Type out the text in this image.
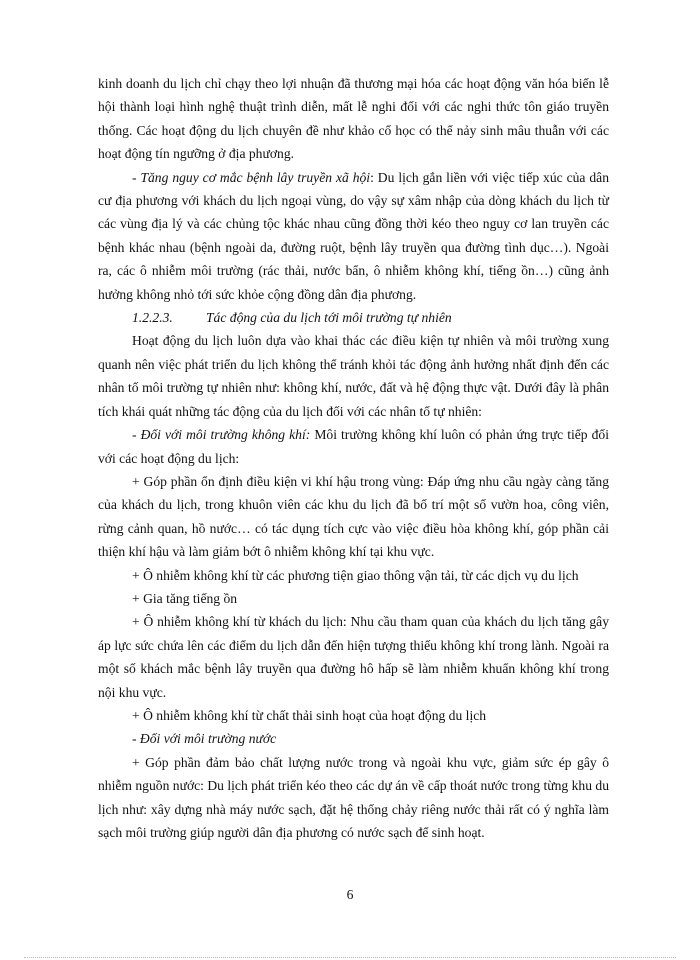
kinh doanh du lịch chỉ chạy theo lợi nhuận đã thương mại hóa các hoạt động văn hóa biến lễ hội thành loại hình nghệ thuật trình diễn, mất lễ nghi đối với các nghi thức tôn giáo truyền thống. Các hoạt động du lịch chuyên đề như khảo cổ học có thể nảy sinh mâu thuẫn với các hoạt động tín ngưỡng ở địa phương.

- Tăng nguy cơ mắc bệnh lây truyền xã hội: Du lịch gắn liền với việc tiếp xúc của dân cư địa phương với khách du lịch ngoại vùng, do vậy sự xâm nhập của dòng khách du lịch từ các vùng địa lý và các chủng tộc khác nhau cũng đồng thời kéo theo nguy cơ lan truyền các bệnh khác nhau (bệnh ngoài da, đường ruột, bệnh lây truyền qua đường tình dục…). Ngoài ra, các ô nhiễm môi trường (rác thải, nước bẩn, ô nhiễm không khí, tiếng ồn…) cũng ảnh hưởng không nhỏ tới sức khỏe cộng đồng dân địa phương.

1.2.2.3.	Tác động của du lịch tới môi trường tự nhiên

Hoạt động du lịch luôn dựa vào khai thác các điều kiện tự nhiên và môi trường xung quanh nên việc phát triển du lịch không thể tránh khỏi tác động ảnh hưởng nhất định đến các nhân tố môi trường tự nhiên như: không khí, nước, đất và hệ động thực vật. Dưới đây là phân tích khái quát những tác động của du lịch đối với các nhân tố tự nhiên:

- Đối với môi trường không khí: Môi trường không khí luôn có phản ứng trực tiếp đối với các hoạt động du lịch:

+ Góp phần ổn định điều kiện vi khí hậu trong vùng: Đáp ứng nhu cầu ngày càng tăng của khách du lịch, trong khuôn viên các khu du lịch đã bố trí một số vườn hoa, công viên, rừng cảnh quan, hồ nước… có tác dụng tích cực vào việc điều hòa không khí, góp phần cải thiện khí hậu và làm giảm bớt ô nhiễm không khí tại khu vực.

+ Ô nhiễm không khí từ các phương tiện giao thông vận tải, từ các dịch vụ du lịch

+ Gia tăng tiếng ồn

+ Ô nhiễm không khí từ khách du lịch: Nhu cầu tham quan của khách du lịch tăng gây áp lực sức chứa lên các điểm du lịch dẫn đến hiện tượng thiếu không khí trong lành. Ngoài ra một số khách mắc bệnh lây truyền qua đường hô hấp sẽ làm nhiễm khuẩn không khí trong nội khu vực.

+ Ô nhiễm không khí từ chất thải sinh hoạt của hoạt động du lịch

- Đối với môi trường nước

+ Góp phần đảm bảo chất lượng nước trong và ngoài khu vực, giảm sức ép gây ô nhiễm nguồn nước: Du lịch phát triển kéo theo các dự án về cấp thoát nước trong từng khu du lịch như: xây dựng nhà máy nước sạch, đặt hệ thống chảy riêng nước thải rất có ý nghĩa làm sạch môi trường giúp người dân địa phương có nước sạch để sinh hoạt.

6
